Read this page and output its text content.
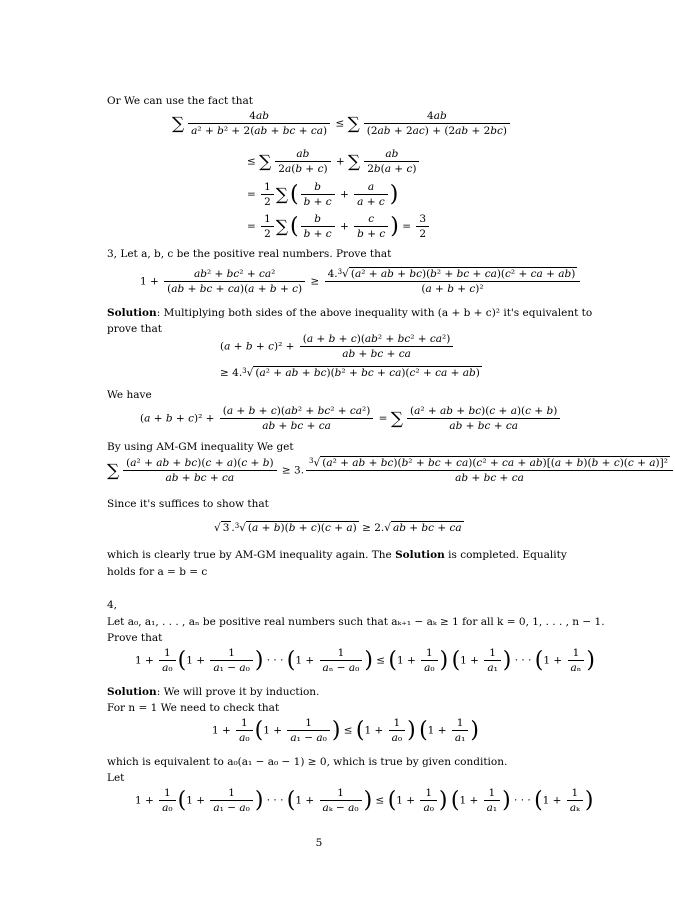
Or We can use the fact that
∑ $\frac{4ab}{\text{a² + b² + 2(ab + bc + ca)}}$ ≤ ∑ $\frac{4ab}{(2ab + 2ac) + (2ab + 2bc)}$
≤ ∑ $\frac{ab}{2a(b + c)}$ + ∑ $\frac{ab}{2b(a + c)}$
= $\frac{1}{2}$ ∑( $\frac{b}{b + c} + \frac{a}{a + c}$ )
= $\frac{1}{2}$ ∑( $\frac{b}{b + c} + \frac{c}{b + c}$ ) = $\frac{3}{2}$
3, Let a, b, c be the positive real numbers. Prove that
$1 + \frac{\text{ab² + bc² + ca²}}{(ab + bc + ca)(a + b + c)} \ge \frac{4.^3√ (a^2 + ab + bc)(b^2 + bc + ca)(c^2 + ca + ab)}{\text{(a + b + c)²}}$
Solution: Multiplying both sides of the above inequality with (a + b + c)² it's equivalent to
prove that
$(a + b + c)^2 + \frac{\text{(a + b + c)(ab² + bc² + ca²)}}{ab + bc + ca}$
≥ 4.$^3$√ (a² + ab + bc)(b² + bc + ca)(c² + ca + ab)
We have
$(a + b + c)^2 + \frac{\text{(a + b + c)(ab² + bc² + ca²)}}{ab + bc + ca}$ = ∑ $\frac{\text{(a² + ab + bc)(c + a)(c + b)}}{ab + bc + ca}$
By using AM-GM inequality We get
∑ $\frac{\text{(a² + ab + bc)(c + a)(c + b)}}{ab + bc + ca} \ge 3$.
$^3$√ (a² + ab + bc)(b² + bc + ca)(c² + ca + ab)[(a + b)(b + c)(c + a)]²
ab + bc + ca
Since it's suffices to show that
√ 3 .$^3$√ (a + b)(b + c)(c + a) ≥ 2.√ ab + bc + ca
which is clearly true by AM-GM inequality again. The Solution is completed. Equality
holds for a = b = c
4,
Let a₀, a₁, . . . , aₙ be positive real numbers such that aₖ₊₁ − aₖ ≥ 1 for all k = 0, 1, . . . , n − 1.
Prove that
$1 + \frac{1}{\text{a₀}} (1 + \frac{1}{\text{a₁ − a₀}}$ ) · · · ($1 + \frac{1}{\text{aₙ − a₀}}$ ) ≤ ($1 + \frac{1}{\text{a₀}}$ ) ($1 + \frac{1}{\text{a₁}}$ ) · · · ($1 + \frac{1}{\text{aₙ}}$ )
Solution: We will prove it by induction.
For n = 1 We need to check that
$1 + \frac{1}{\text{a₀}} (1 + \frac{1}{\text{a₁ − a₀}}$ ) ≤ ($1 + \frac{1}{\text{a₀}}$ ) ($1 + \frac{1}{\text{a₁}}$ )
which is equivalent to a₀(a₁ − a₀ − 1) ≥ 0, which is true by given condition.
Let
$1 + \frac{1}{\text{a₀}} (1 + \frac{1}{\text{a₁ − a₀}}$ ) · · · ($1 + \frac{1}{\text{aₖ − a₀}}$ ) ≤ ($1 + \frac{1}{\text{a₀}}$ ) ($1 + \frac{1}{\text{a₁}}$ ) · · · ($1 + \frac{1}{\text{aₖ}}$ )
5
